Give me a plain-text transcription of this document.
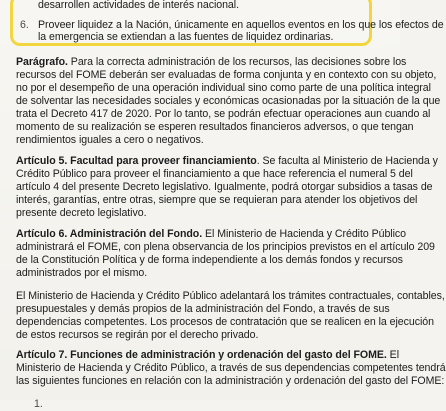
desarrollen actividades de interés nacional.
6. Proveer liquidez a la Nación, únicamente en aquellos eventos en los que los efectos de
la emergencia se extiendan a las fuentes de liquidez ordinarias.
Parágrafo. Para la correcta administración de los recursos, las decisiones sobre los
recursos del FOME deberán ser evaluadas de forma conjunta y en contexto con su objeto,
no por el desempeño de una operación individual sino como parte de una política integral
de solventar las necesidades sociales y económicas ocasionadas por la situación de la que
trata el Decreto 417 de 2020. Por lo tanto, se podrán efectuar operaciones aun cuando al
momento de su realización se esperen resultados financieros adversos, o que tengan
rendimientos iguales a cero o negativos.
Artículo 5. Facultad para proveer financiamiento. Se faculta al Ministerio de Hacienda y
Crédito Público para proveer el financiamiento a que hace referencia el numeral 5 del
artículo 4 del presente Decreto legislativo. Igualmente, podrá otorgar subsidios a tasas de
interés, garantías, entre otras, siempre que se requieran para atender los objetivos del
presente decreto legislativo.
Artículo 6. Administración del Fondo. El Ministerio de Hacienda y Crédito Público
administrará el FOME, con plena observancia de los principios previstos en el artículo 209
de la Constitución Política y de forma independiente a los demás fondos y recursos
administrados por el mismo.
El Ministerio de Hacienda y Crédito Público adelantará los trámites contractuales, contables,
presupuestales y demás propios de la administración del Fondo, a través de sus
dependencias competentes. Los procesos de contratación que se realicen en la ejecución
de estos recursos se regirán por el derecho privado.
Artículo 7. Funciones de administración y ordenación del gasto del FOME. El
Ministerio de Hacienda y Crédito Público, a través de sus dependencias competentes tendrá
las siguientes funciones en relación con la administración y ordenación del gasto del FOME:
1.
